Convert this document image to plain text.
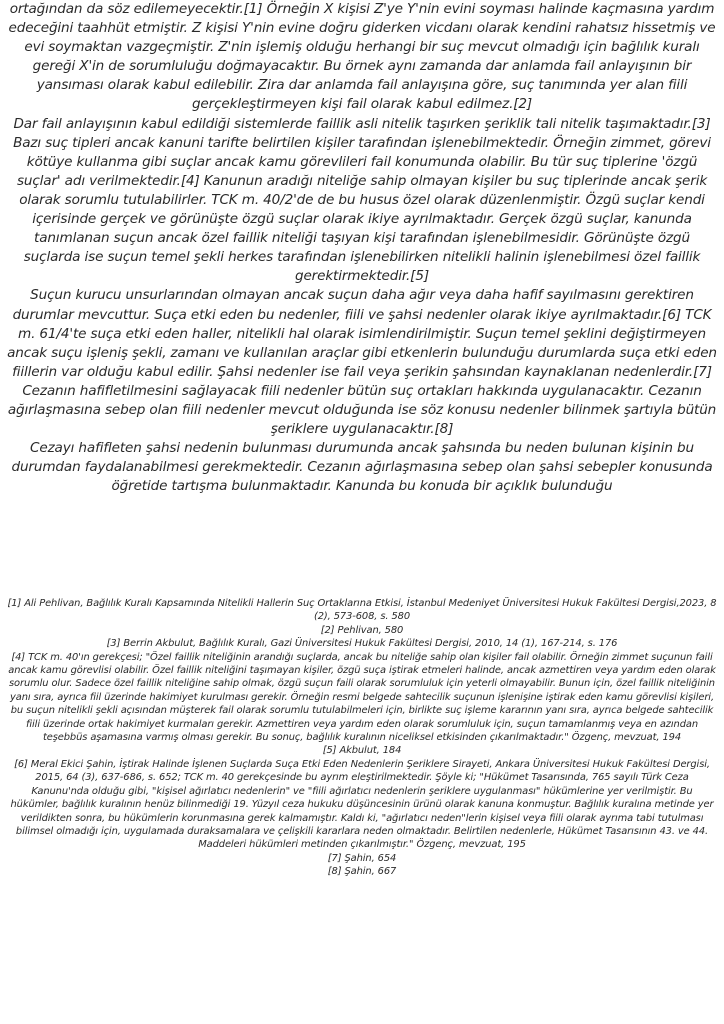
ortağından da söz edilemeyecektir.[1] Örneğin X kişisi Z'ye Y'nin evini soyması halinde kaçmasına yardım edeceğini taahhüt etmiştir. Z kişisi Y'nin evine doğru giderken vicdanı olarak kendini rahatsız hissetmiş ve evi soymaktan vazgeçmiştir. Z'nin işlemiş olduğu herhangi bir suç mevcut olmadığı için bağlılık kuralı gereği X'in de sorumluluğu doğmayacaktır. Bu örnek aynı zamanda dar anlamda fail anlayışının bir yansıması olarak kabul edilebilir. Zira dar anlamda fail anlayışına göre, suç tanımında yer alan fiili gerçekleştirmeyen kişi fail olarak kabul edilmez.[2]

Dar fail anlayışının kabul edildiği sistemlerde faillik asli nitelik taşırken şeriklik tali nitelik taşımaktadır.[3]

Bazı suç tipleri ancak kanuni tarifte belirtilen kişiler tarafından işlenebilmektedir. Örneğin zimmet, görevi kötüye kullanma gibi suçlar ancak kamu görevlileri fail konumunda olabilir. Bu tür suç tiplerine 'özgü suçlar' adı verilmektedir.[4] Kanunun aradığı niteliğe sahip olmayan kişiler bu suç tiplerinde ancak şerik olarak sorumlu tutulabilirler. TCK m. 40/2'de de bu husus özel olarak düzenlenmiştir. Özgü suçlar kendi içerisinde gerçek ve görünüşte özgü suçlar olarak ikiye ayrılmaktadır. Gerçek özgü suçlar, kanunda tanımlanan suçun ancak özel faillik niteliği taşıyan kişi tarafından işlenebilmesidir. Görünüşte özgü suçlarda ise suçun temel şekli herkes tarafından işlenebilirken nitelikli halinin işlenebilmesi özel faillik gerektirmektedir.[5]

Suçun kurucu unsurlarından olmayan ancak suçun daha ağır veya daha hafif sayılmasını gerektiren durumlar mevcuttur. Suça etki eden bu nedenler, fiili ve şahsi nedenler olarak ikiye ayrılmaktadır.[6] TCK m. 61/4'te suça etki eden haller, nitelikli hal olarak isimlendirilmiştir. Suçun temel şeklini değiştirmeyen ancak suçu işleniş şekli, zamanı ve kullanılan araçlar gibi etkenlerin bulunduğu durumlarda suça etki eden fiillerin var olduğu kabul edilir. Şahsi nedenler ise fail veya şerikin şahsından kaynaklanan nedenlerdir.[7]

Cezanın hafifletilmesini sağlayacak fiili nedenler bütün suç ortakları hakkında uygulanacaktır. Cezanın ağırlaşmasına sebep olan fiili nedenler mevcut olduğunda ise söz konusu nedenler bilinmek şartıyla bütün şeriklere uygulanacaktır.[8]

Cezayı hafifleten şahsi nedenin bulunması durumunda ancak şahsında bu neden bulunan kişinin bu durumdan faydalanabilmesi gerekmektedir. Cezanın ağırlaşmasına sebep olan şahsi sebepler konusunda öğretide tartışma bulunmaktadır. Kanunda bu konuda bir açıklık bulunduğu

[1] Ali Pehlivan, Bağlılık Kuralı Kapsamında Nitelikli Hallerin Suç Ortaklarına Etkisi, İstanbul Medeniyet Üniversitesi Hukuk Fakültesi Dergisi,2023, 8 (2), 573-608, s. 580

[2] Pehlivan, 580

[3] Berrin Akbulut, Bağlılık Kuralı, Gazi Üniversitesi Hukuk Fakültesi Dergisi, 2010, 14 (1), 167-214, s. 176

[4] TCK m. 40'ın gerekçesi; "Özel faillik niteliğinin arandığı suçlarda, ancak bu niteliğe sahip olan kişiler fail olabilir. Örneğin zimmet suçunun faili ancak kamu görevlisi olabilir. Özel faillik niteliğini taşımayan kişiler, özgü suça iştirak etmeleri halinde, ancak azmettiren veya yardım eden olarak sorumlu olur. Sadece özel faillik niteliğine sahip olmak, özgü suçun faili olarak sorumluluk için yeterli olmayabilir. Bunun için, özel faillik niteliğinin yanı sıra, ayrıca fiil üzerinde hakimiyet kurulması gerekir. Örneğin resmi belgede sahtecilik suçunun işlenişine iştirak eden kamu görevlisi kişileri, bu suçun nitelikli şekli açısından müşterek fail olarak sorumlu tutulabilmeleri için, birlikte suç işleme kararının yanı sıra, ayrıca belgede sahtecilik fiili üzerinde ortak hakimiyet kurmaları gerekir. Azmettiren veya yardım eden olarak sorumluluk için, suçun tamamlanmış veya en azından teşebbüs aşamasına varmış olması gerekir. Bu sonuç, bağlılık kuralının niceliksel etkisinden çıkarılmaktadır." Özgenç, mevzuat, 194

[5] Akbulut, 184

[6] Meral Ekici Şahin, İştirak Halinde İşlenen Suçlarda Suça Etki Eden Nedenlerin Şeriklere Sirayeti, Ankara Üniversitesi Hukuk Fakültesi Dergisi, 2015, 64 (3), 637-686, s. 652; TCK m. 40 gerekçesinde bu ayrım eleştirilmektedir. Şöyle ki; "Hükümet Tasarısında, 765 sayılı Türk Ceza Kanunu'nda olduğu gibi, "kişisel ağırlatıcı nedenlerin" ve "fiili ağırlatıcı nedenlerin şeriklere uygulanması" hükümlerine yer verilmiştir. Bu hükümler, bağlılık kuralının henüz bilinmediği 19. Yüzyıl ceza hukuku düşüncesinin ürünü olarak kanuna konmuştur. Bağlılık kuralına metinde yer verildikten sonra, bu hükümlerin korunmasına gerek kalmamıştır. Kaldı ki, "ağırlatıcı neden"lerin kişisel veya fiili olarak ayrıma tabi tutulması bilimsel olmadığı için, uygulamada duraksamalara ve çelişkili kararlara neden olmaktadır. Belirtilen nedenlerle, Hükümet Tasarısının 43. ve 44. Maddeleri hükümleri metinden çıkarılmıştır." Özgenç, mevzuat, 195

[7] Şahin, 654

[8] Şahin, 667
